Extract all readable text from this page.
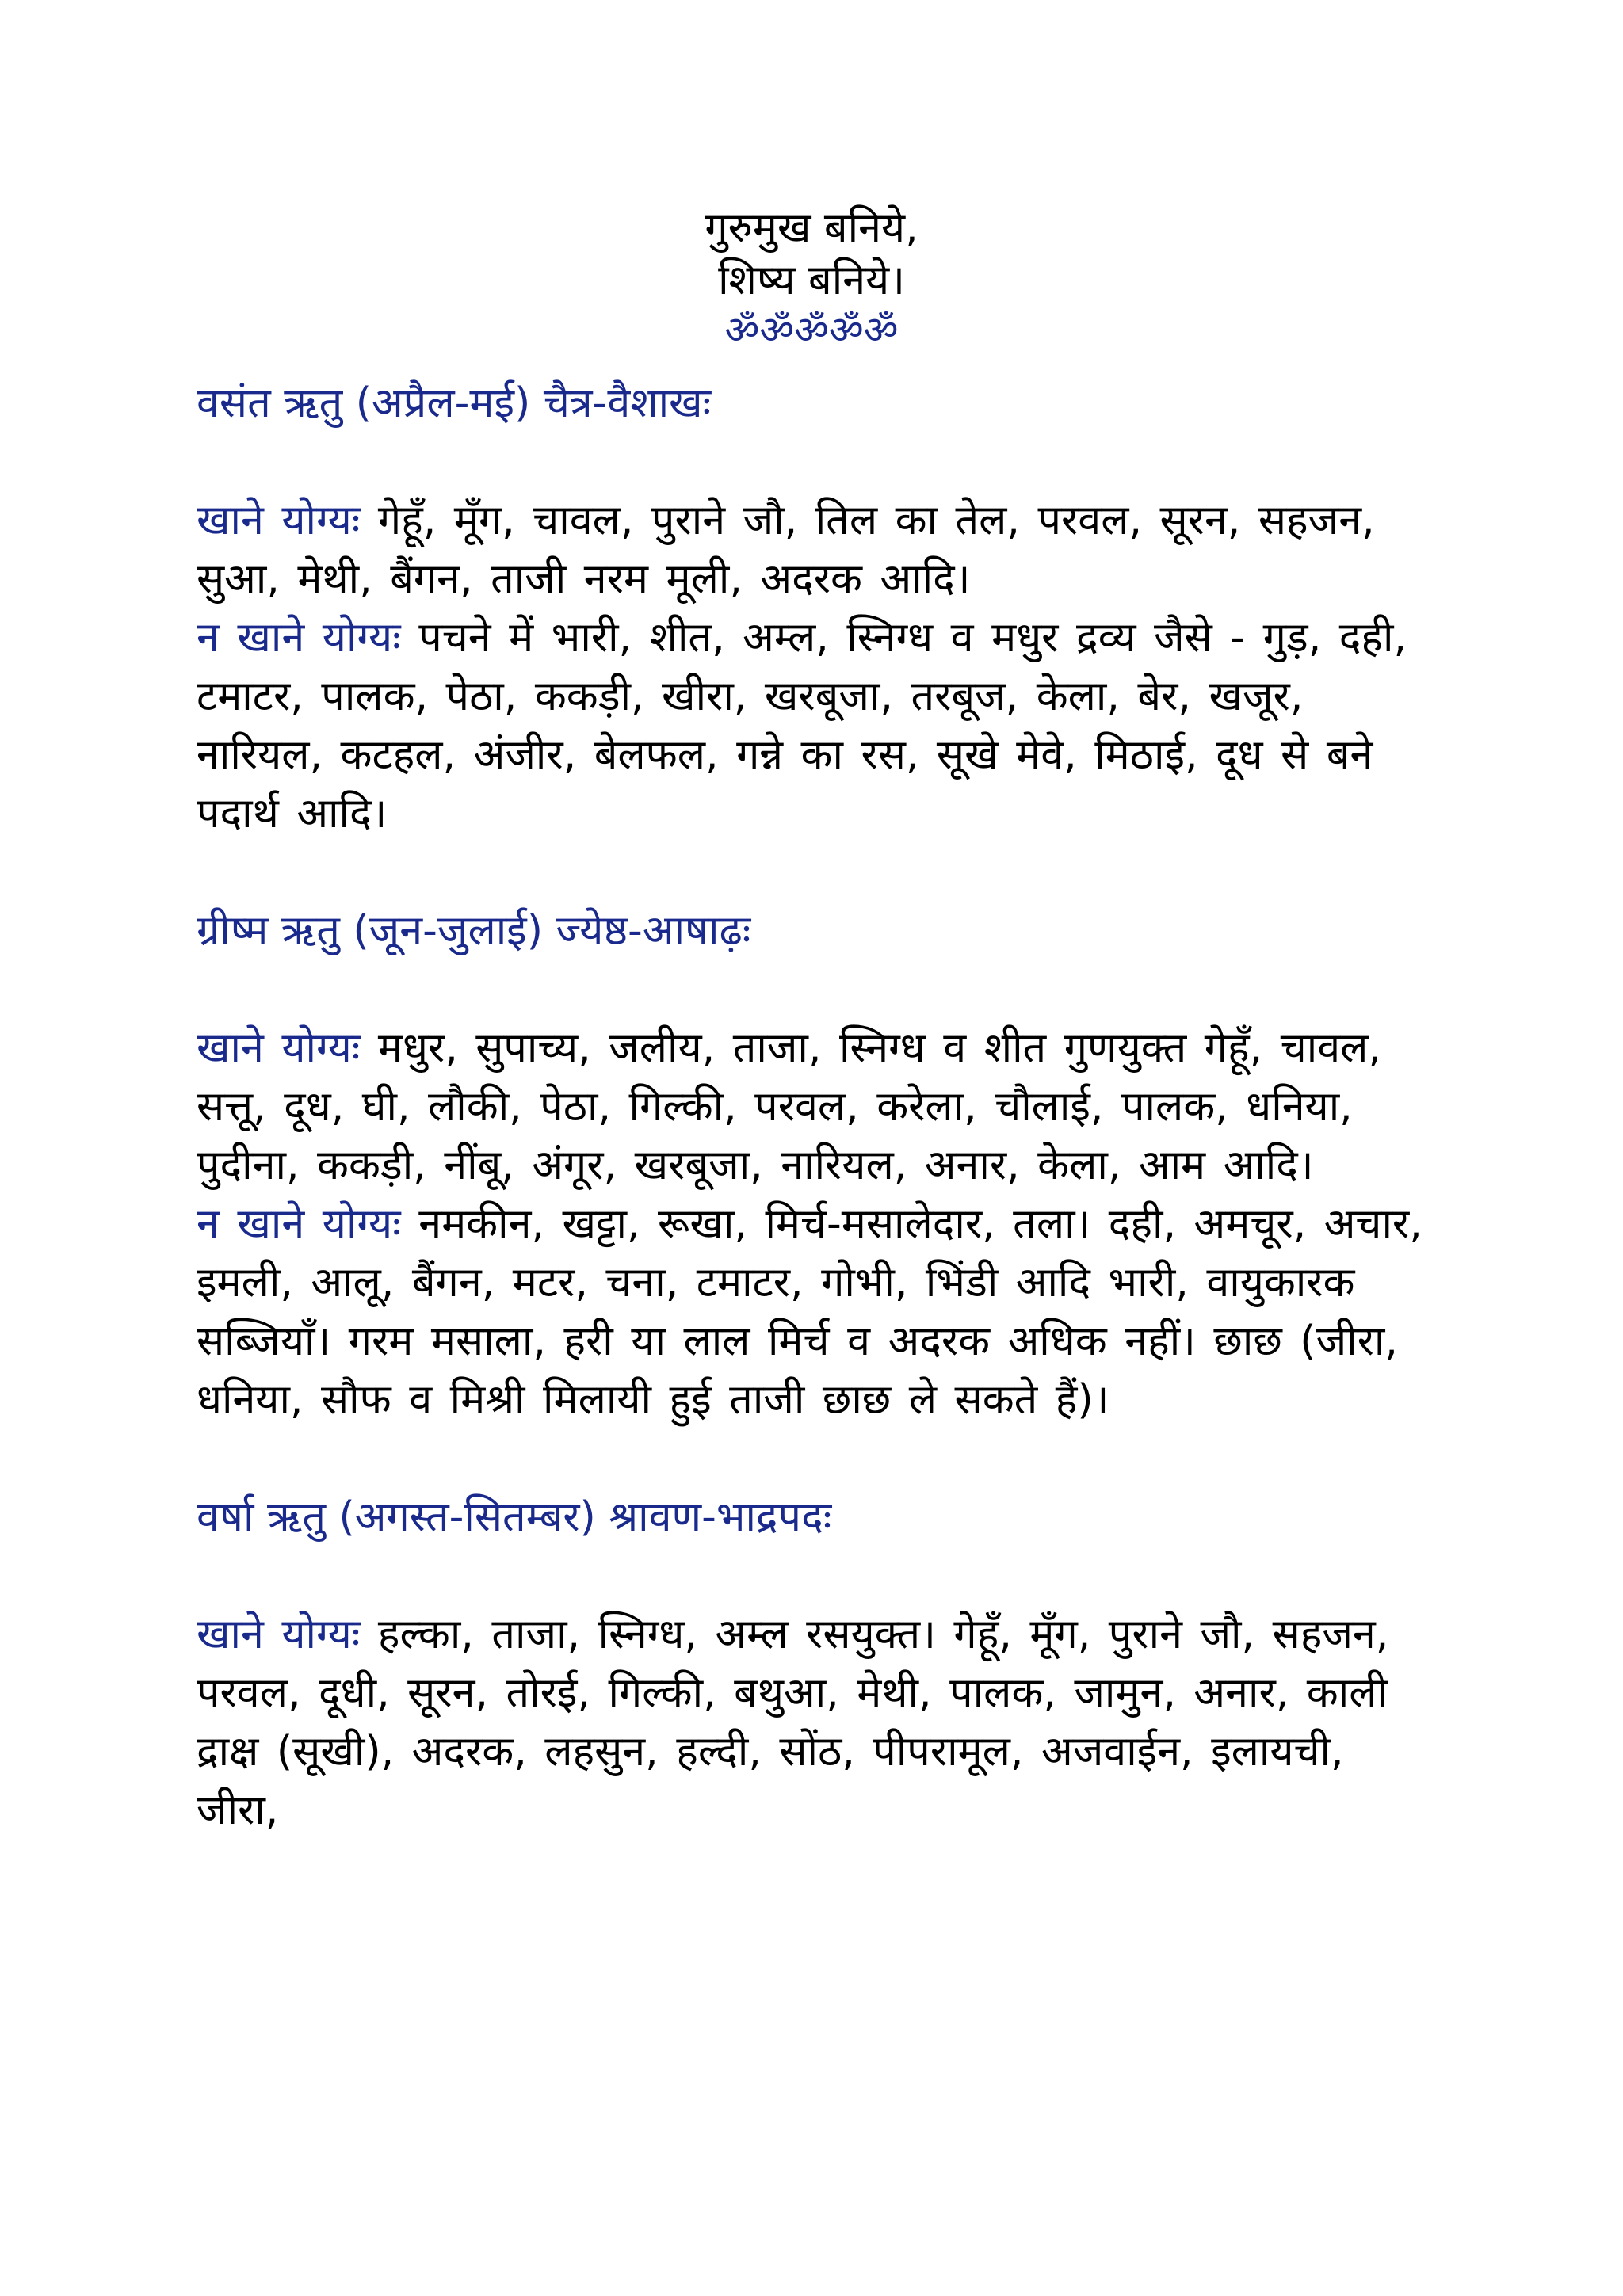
गुरुमुख बनिये,
शिष्य बनिये।
ॐॐॐॐॐ
वसंत ऋतु (अप्रैल-मई) चैत्र-वैशाखः

खाने योग्यः गेहूँ, मूँग, चावल, पुराने जौ, तिल का तेल, परवल, सूरन, सहजन, सुआ, मेथी, बैंगन, ताजी नरम मूली, अदरक आदि।

न खाने योग्यः पचने में भारी, शीत, अम्ल, स्निग्ध व मधुर द्रव्य जैसे - गुड़, दही, टमाटर, पालक, पेठा, ककड़ी, खीरा, खरबूजा, तरबूज, केला, बेर, खजूर, नारियल, कटहल, अंजीर, बेलफल, गन्ने का रस, सूखे मेवे, मिठाई, दूध से बने पदार्थ आदि।

ग्रीष्म ऋतु (जून-जुलाई) ज्येष्ठ-आषाढ़ः

खाने योग्यः मधुर, सुपाच्य, जलीय, ताजा, स्निग्ध व शीत गुणयुक्त गेहूँ, चावल, सत्तू, दूध, घी, लौकी, पेठा, गिल्की, परवल, करेला, चौलाई, पालक, धनिया, पुदीना, ककड़ी, नींबू, अंगूर, खरबूजा, नारियल, अनार, केला, आम आदि।

न खाने योग्यः नमकीन, खट्टा, रूखा, मिर्च-मसालेदार, तला। दही, अमचूर, अचार, इमली, आलू, बैंगन, मटर, चना, टमाटर, गोभी, भिंडी आदि भारी, वायुकारक सब्जियाँ। गरम मसाला, हरी या लाल मिर्च व अदरक अधिक नहीं। छाछ (जीरा, धनिया, सौफ व मिश्री मिलायी हुई ताजी छाछ ले सकते हैं)।

वर्षा ऋतु (अगस्त-सितम्बर) श्रावण-भाद्रपदः

खाने योग्यः हल्का, ताजा, स्निग्ध, अम्ल रसयुक्त। गेहूँ, मूँग, पुराने जौ, सहजन, परवल, दूधी, सूरन, तोरई, गिल्की, बथुआ, मेथी, पालक, जामुन, अनार, काली द्राक्ष (सूखी), अदरक, लहसुन, हल्दी, सोंठ, पीपरामूल, अजवाईन, इलायची, जीरा,
